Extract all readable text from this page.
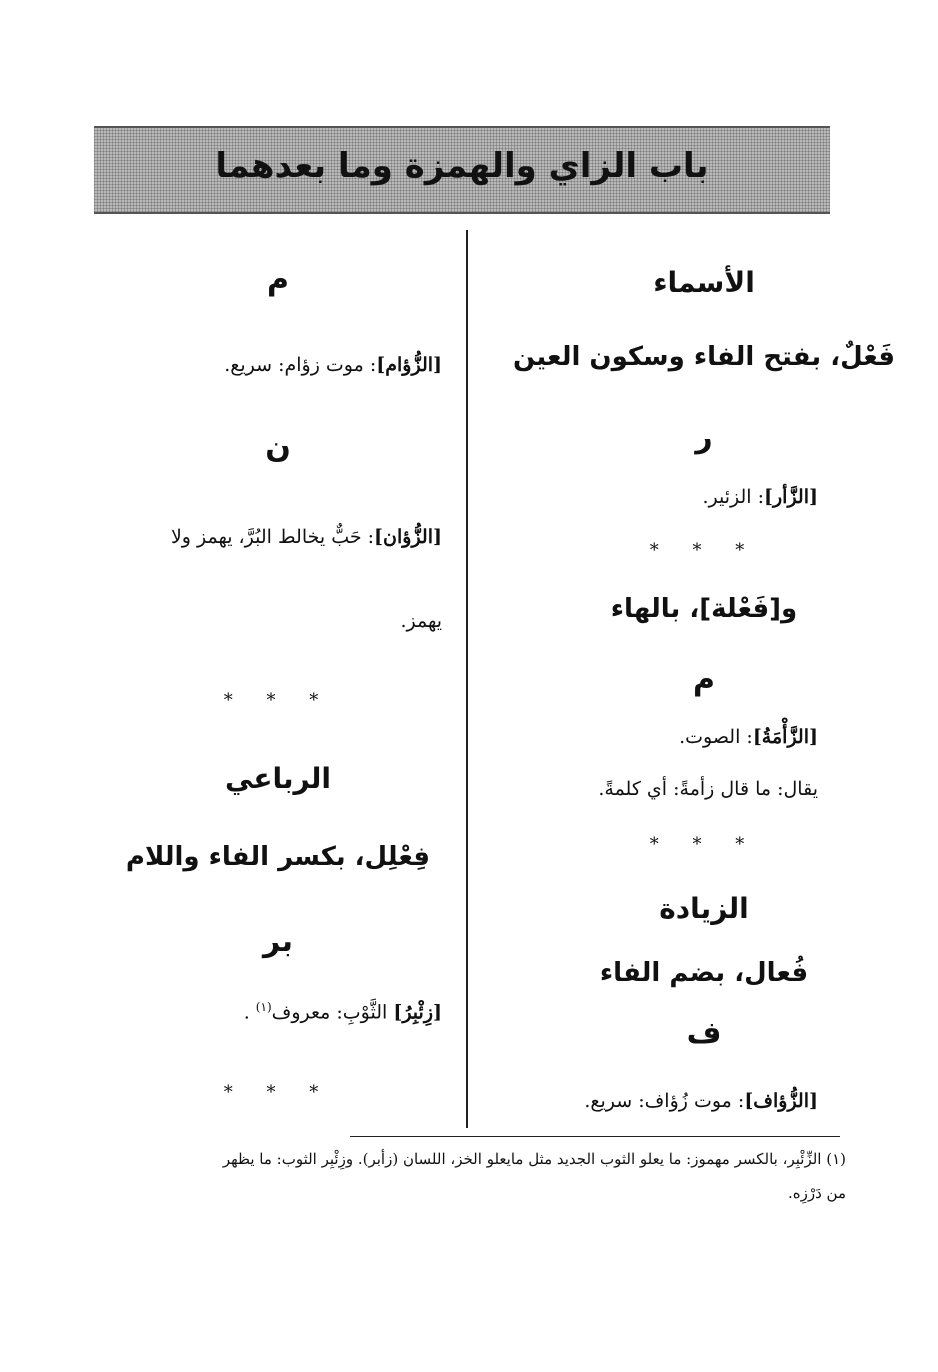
باب الزاي والهمزة وما بعدهما
الأسماء
فَعْلٌ، بفتح الفاء وسكون العين
ر
[الزَّأر]: الزئير.
* * *
و[فَعْلة]، بالهاء
م
[الزَّأْمَةُ]: الصوت.
يقال: ما قال زأمةً: أي كلمةً.
* * *
الزيادة
فُعال، بضم الفاء
ف
[الزُّؤاف]: موت زُؤاف: سريع.
م
[الزُّؤام]: موت زؤام: سريع.
ن
[الزُّؤان]: حَبٌّ يخالط البُرَّ، يهمز ولا
يهمز.
* * *
الرباعي
فِعْلِل، بكسر الفاء واللام
بر
[زِئْبِرُ] الثَّوْبِ: معروف$^{(١)}$ .
* * *
(١) الزِّئْبِر، بالكسر مهموز: ما يعلو الثوب الجديد مثل مايعلو الخز، اللسان (زأبر). وزِئْبِر الثوب: ما يظهر
من دَرْزِه.
